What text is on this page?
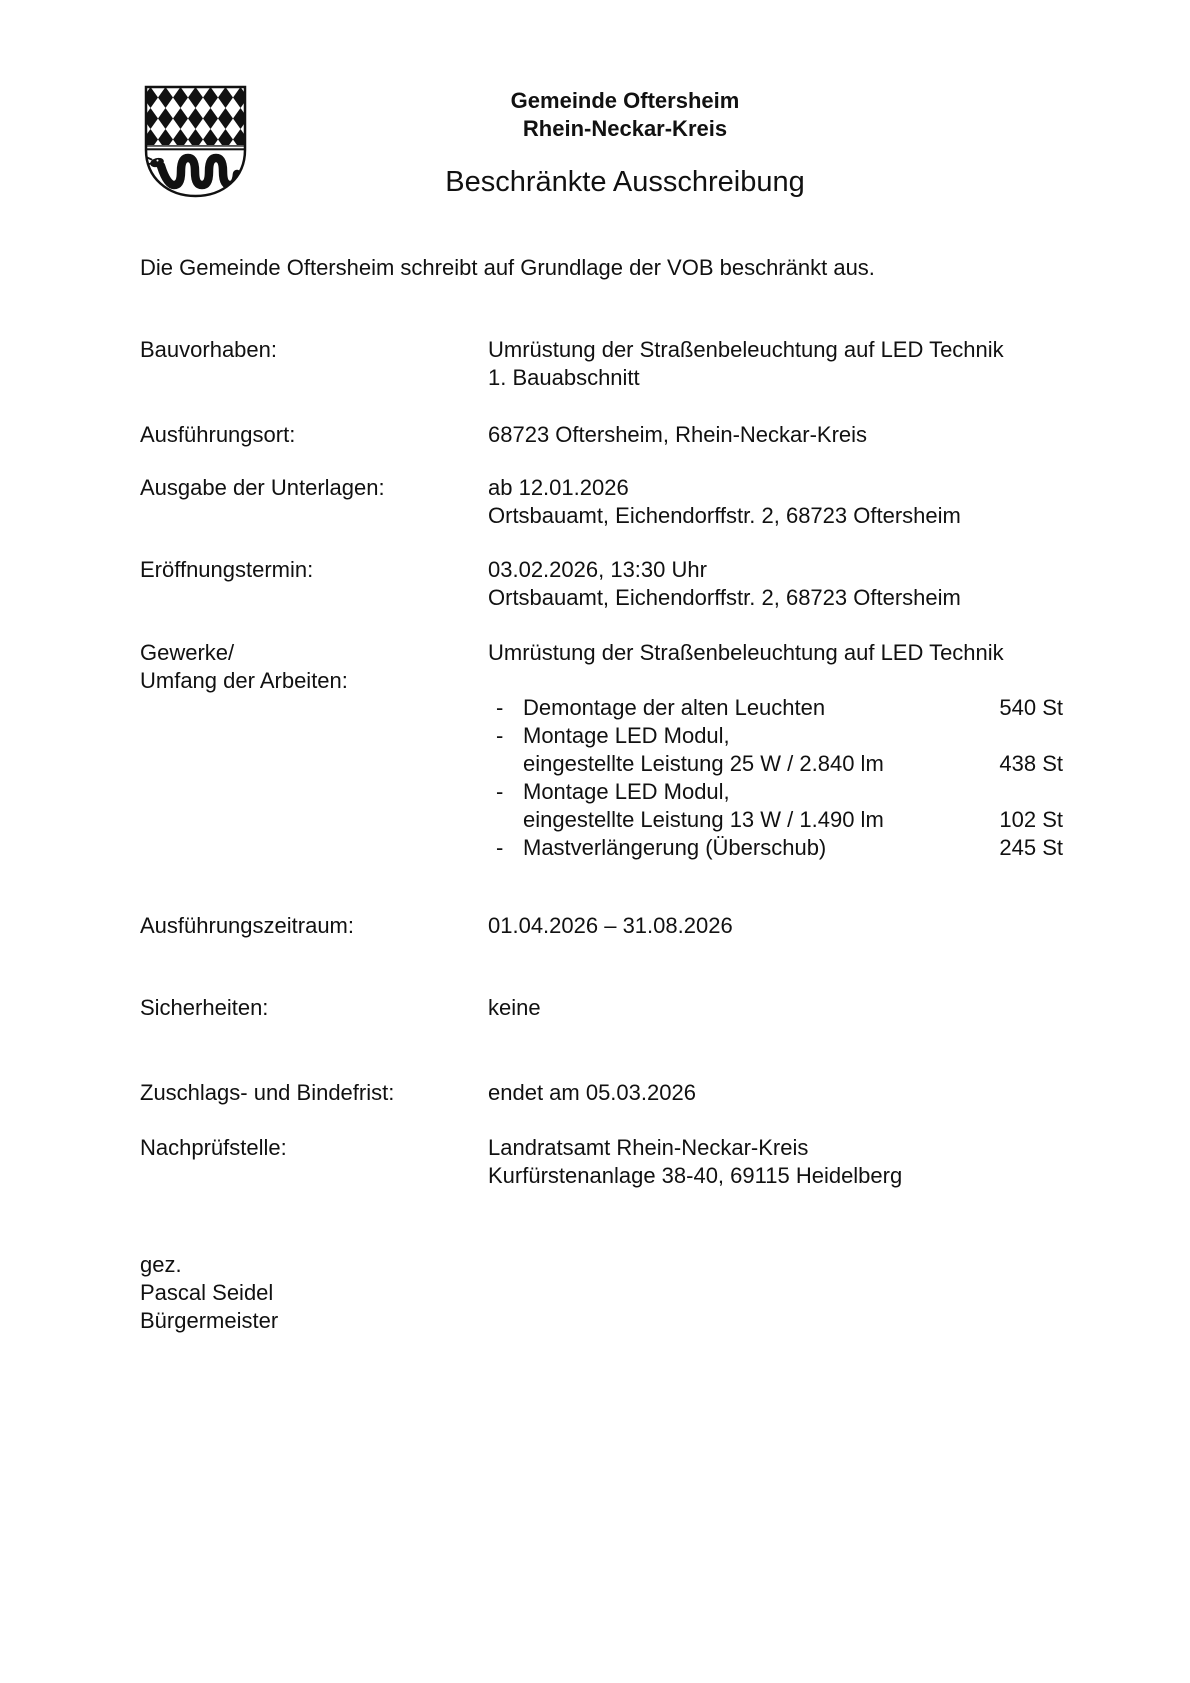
Gemeinde Oftersheim
Rhein-Neckar-Kreis
Beschränkte Ausschreibung
Die Gemeinde Oftersheim schreibt auf Grundlage der VOB beschränkt aus.
Bauvorhaben:	Umrüstung der Straßenbeleuchtung auf LED Technik
1. Bauabschnitt
Ausführungsort:	68723 Oftersheim, Rhein-Neckar-Kreis
Ausgabe der Unterlagen:	ab 12.01.2026
Ortsbauamt, Eichendorffstr. 2, 68723 Oftersheim
Eröffnungstermin:	03.02.2026, 13:30 Uhr
Ortsbauamt, Eichendorffstr. 2, 68723 Oftersheim
Gewerke/
Umfang der Arbeiten:
Umrüstung der Straßenbeleuchtung auf LED Technik
- Demontage der alten Leuchten	540 St
- Montage LED Modul,
eingestellte Leistung 25 W / 2.840 lm	438 St
- Montage LED Modul,
eingestellte Leistung 13 W / 1.490 lm	102 St
- Mastverlängerung (Überschub)	245 St
Ausführungszeitraum:	01.04.2026 – 31.08.2026
Sicherheiten:	keine
Zuschlags- und Bindefrist:	endet am 05.03.2026
Nachprüfstelle:	Landratsamt Rhein-Neckar-Kreis
Kurfürstenanlage 38-40, 69115 Heidelberg
gez.
Pascal Seidel
Bürgermeister
